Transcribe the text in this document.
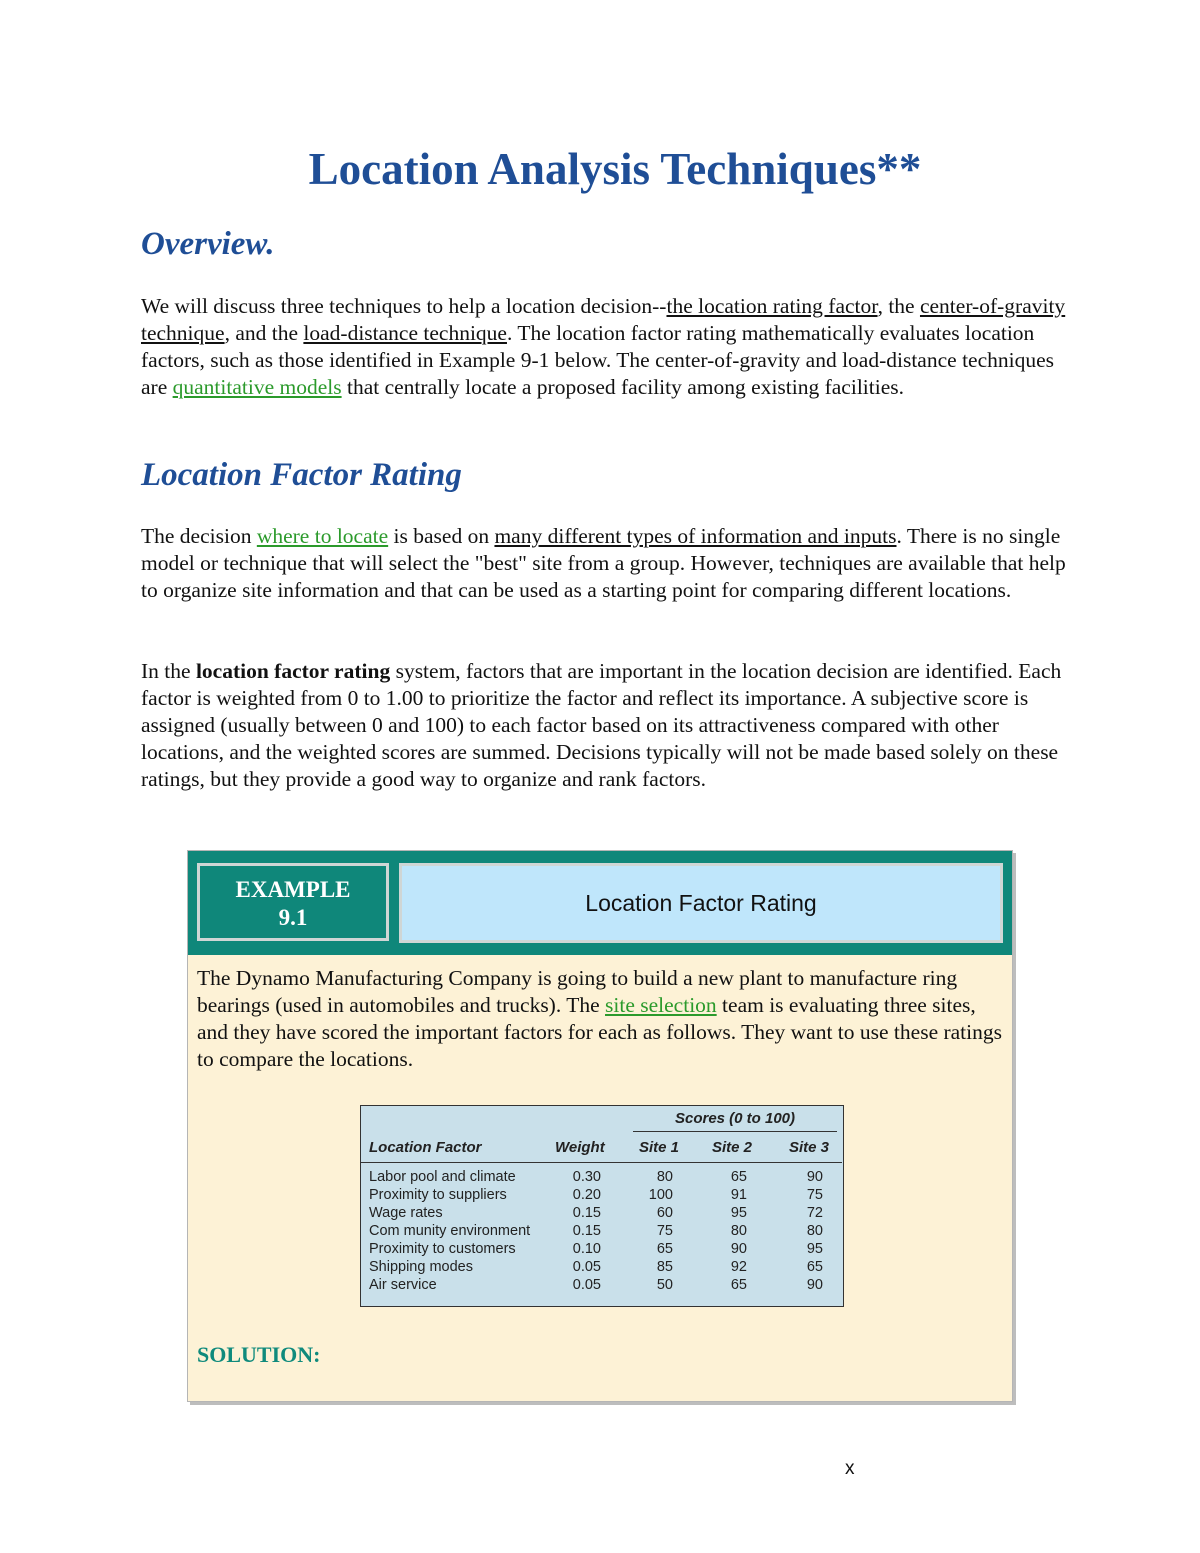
Location Analysis Techniques**
Overview.

We will discuss three techniques to help a location decision--the location rating factor, the center-of-gravity technique, and the load-distance technique. The location factor rating mathematically evaluates location factors, such as those identified in Example 9-1 below. The center-of-gravity and load-distance techniques are quantitative models that centrally locate a proposed facility among existing facilities.

Location Factor Rating

The decision where to locate is based on many different types of information and inputs. There is no single model or technique that will select the "best" site from a group. However, techniques are available that help to organize site information and that can be used as a starting point for comparing different locations.

In the location factor rating system, factors that are important in the location decision are identified. Each factor is weighted from 0 to 1.00 to prioritize the factor and reflect its importance. A subjective score is assigned (usually between 0 and 100) to each factor based on its attractiveness compared with other locations, and the weighted scores are summed. Decisions typically will not be made based solely on these ratings, but they provide a good way to organize and rank factors.

EXAMPLE
9.1
Location Factor Rating

The Dynamo Manufacturing Company is going to build a new plant to manufacture ring bearings (used in automobiles and trucks). The site selection team is evaluating three sites, and they have scored the important factors for each as follows. They want to use these ratings to compare the locations.

Scores (0 to 100)
Location Factor	Weight Site 1 Site 2 Site 3
Labor pool and climate	0.30	80	65	90
Proximity to suppliers	0.20	100	91	75
Wage rates	0.15	60	95	72
Com munity environment	0.15	75	80	80
Proximity to customers	0.10	65	90	95
Shipping modes	0.05	85	92	65
Air service	0.05	50	65	90

SOLUTION:

x
